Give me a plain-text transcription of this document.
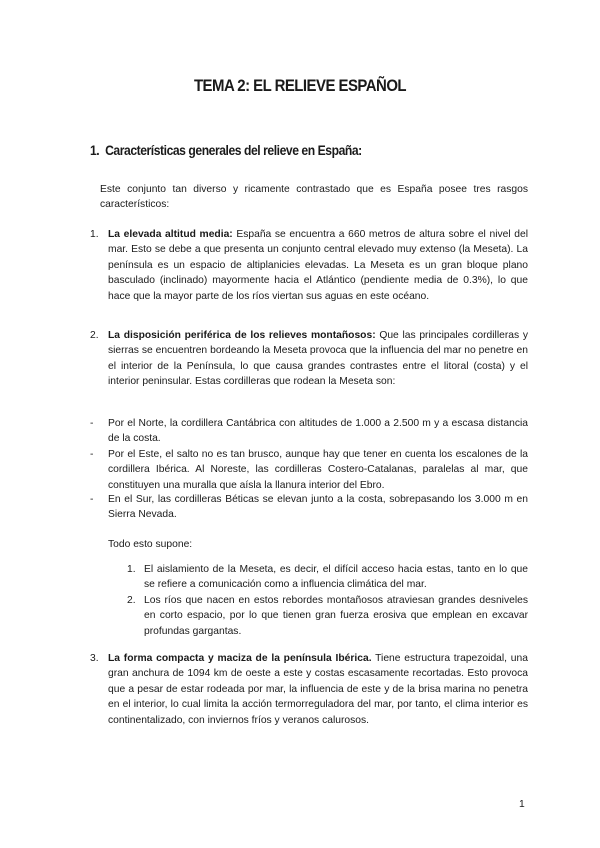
TEMA 2: EL RELIEVE ESPAÑOL
1. Características generales del relieve en España:

Este conjunto tan diverso y ricamente contrastado que es España posee tres rasgos característicos:

1. La elevada altitud media: España se encuentra a 660 metros de altura sobre el nivel del mar. Esto se debe a que presenta un conjunto central elevado muy extenso (la Meseta). La península es un espacio de altiplanicies elevadas. La Meseta es un gran bloque plano basculado (inclinado) mayormente hacia el Atlántico (pendiente media de 0.3%), lo que hace que la mayor parte de los ríos viertan sus aguas en este océano.

2. La disposición periférica de los relieves montañosos: Que las principales cordilleras y sierras se encuentren bordeando la Meseta provoca que la influencia del mar no penetre en el interior de la Península, lo que causa grandes contrastes entre el litoral (costa) y el interior peninsular. Estas cordilleras que rodean la Meseta son:

- Por el Norte, la cordillera Cantábrica con altitudes de 1.000 a 2.500 m y a escasa distancia de la costa.

- Por el Este, el salto no es tan brusco, aunque hay que tener en cuenta los escalones de la cordillera Ibérica. Al Noreste, las cordilleras Costero-Catalanas, paralelas al mar, que constituyen una muralla que aísla la llanura interior del Ebro.

- En el Sur, las cordilleras Béticas se elevan junto a la costa, sobrepasando los 3.000 m en Sierra Nevada.

Todo esto supone:

1. El aislamiento de la Meseta, es decir, el difícil acceso hacia estas, tanto en lo que se refiere a comunicación como a influencia climática del mar.

2. Los ríos que nacen en estos rebordes montañosos atraviesan grandes desniveles en corto espacio, por lo que tienen gran fuerza erosiva que emplean en excavar profundas gargantas.

3. La forma compacta y maciza de la península Ibérica. Tiene estructura trapezoidal, una gran anchura de 1094 km de oeste a este y costas escasamente recortadas. Esto provoca que a pesar de estar rodeada por mar, la influencia de este y de la brisa marina no penetra en el interior, lo cual limita la acción termorreguladora del mar, por tanto, el clima interior es continentalizado, con inviernos fríos y veranos calurosos.

1
